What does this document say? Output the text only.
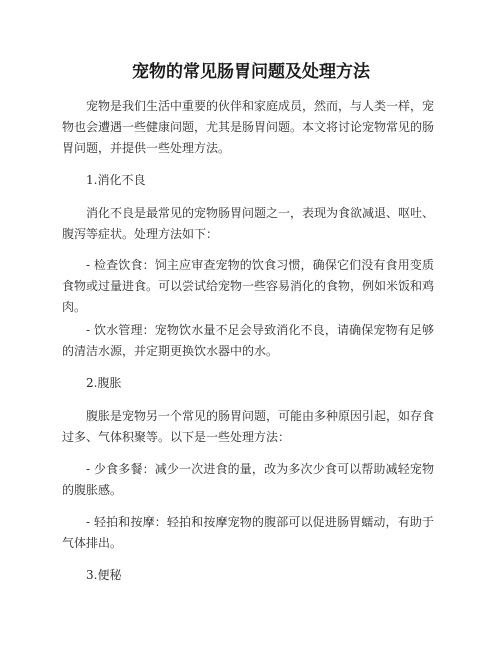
宠物的常见肠胃问题及处理方法

宠物是我们生活中重要的伙伴和家庭成员，然而，与人类一样，宠物也会遭遇一些健康问题，尤其是肠胃问题。本文将讨论宠物常见的肠胃问题，并提供一些处理方法。

1.消化不良

消化不良是最常见的宠物肠胃问题之一，表现为食欲减退、呕吐、腹泻等症状。处理方法如下：

- 检查饮食：饲主应审查宠物的饮食习惯，确保它们没有食用变质食物或过量进食。可以尝试给宠物一些容易消化的食物，例如米饭和鸡肉。

- 饮水管理：宠物饮水量不足会导致消化不良，请确保宠物有足够的清洁水源，并定期更换饮水器中的水。

2.腹胀

腹胀是宠物另一个常见的肠胃问题，可能由多种原因引起，如存食过多、气体积聚等。以下是一些处理方法：

- 少食多餐：减少一次进食的量，改为多次少食可以帮助减轻宠物的腹胀感。

- 轻拍和按摩：轻拍和按摩宠物的腹部可以促进肠胃蠕动，有助于气体排出。

3.便秘
